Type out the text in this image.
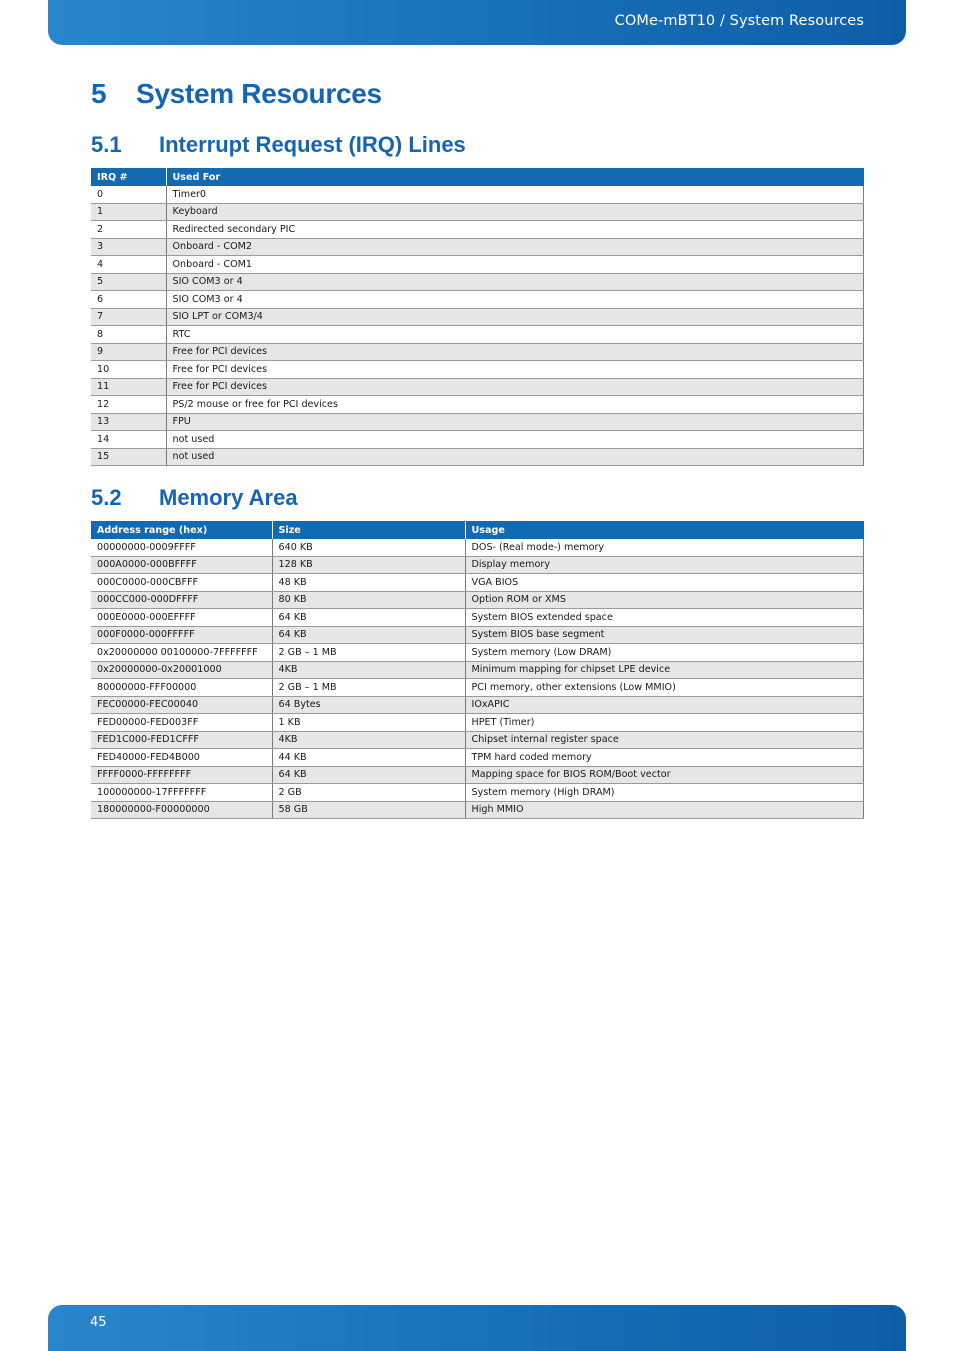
COMe-mBT10 / System Resources
5 System Resources
5.1 Interrupt Request (IRQ) Lines
IRQ #	Used For
0	Timer0
1	Keyboard
2	Redirected secondary PIC
3	Onboard - COM2
4	Onboard - COM1
5	SIO COM3 or 4
6	SIO COM3 or 4
7	SIO LPT or COM3/4
8	RTC
9	Free for PCI devices
10	Free for PCI devices
11	Free for PCI devices
12	PS/2 mouse or free for PCI devices
13	FPU
14	not used
15	not used
5.2 Memory Area
Address range (hex)	Size	Usage
00000000-0009FFFF	640 KB	DOS- (Real mode-) memory
000A0000-000BFFFF	128 KB	Display memory
000C0000-000CBFFF	48 KB	VGA BIOS
000CC000-000DFFFF	80 KB	Option ROM or XMS
000E0000-000EFFFF	64 KB	System BIOS extended space
000F0000-000FFFFF	64 KB	System BIOS base segment
0x20000000 00100000-7FFFFFFF	2 GB – 1 MB	System memory (Low DRAM)
0x20000000-0x20001000	4KB	Minimum mapping for chipset LPE device
80000000-FFF00000	2 GB – 1 MB	PCI memory, other extensions (Low MMIO)
FEC00000-FEC00040	64 Bytes	IOxAPIC
FED00000-FED003FF	1 KB	HPET (Timer)
FED1C000-FED1CFFF	4KB	Chipset internal register space
FED40000-FED4B000	44 KB	TPM hard coded memory
FFFF0000-FFFFFFFF	64 KB	Mapping space for BIOS ROM/Boot vector
100000000-17FFFFFFF	2 GB	System memory (High DRAM)
180000000-F00000000	58 GB	High MMIO
45
